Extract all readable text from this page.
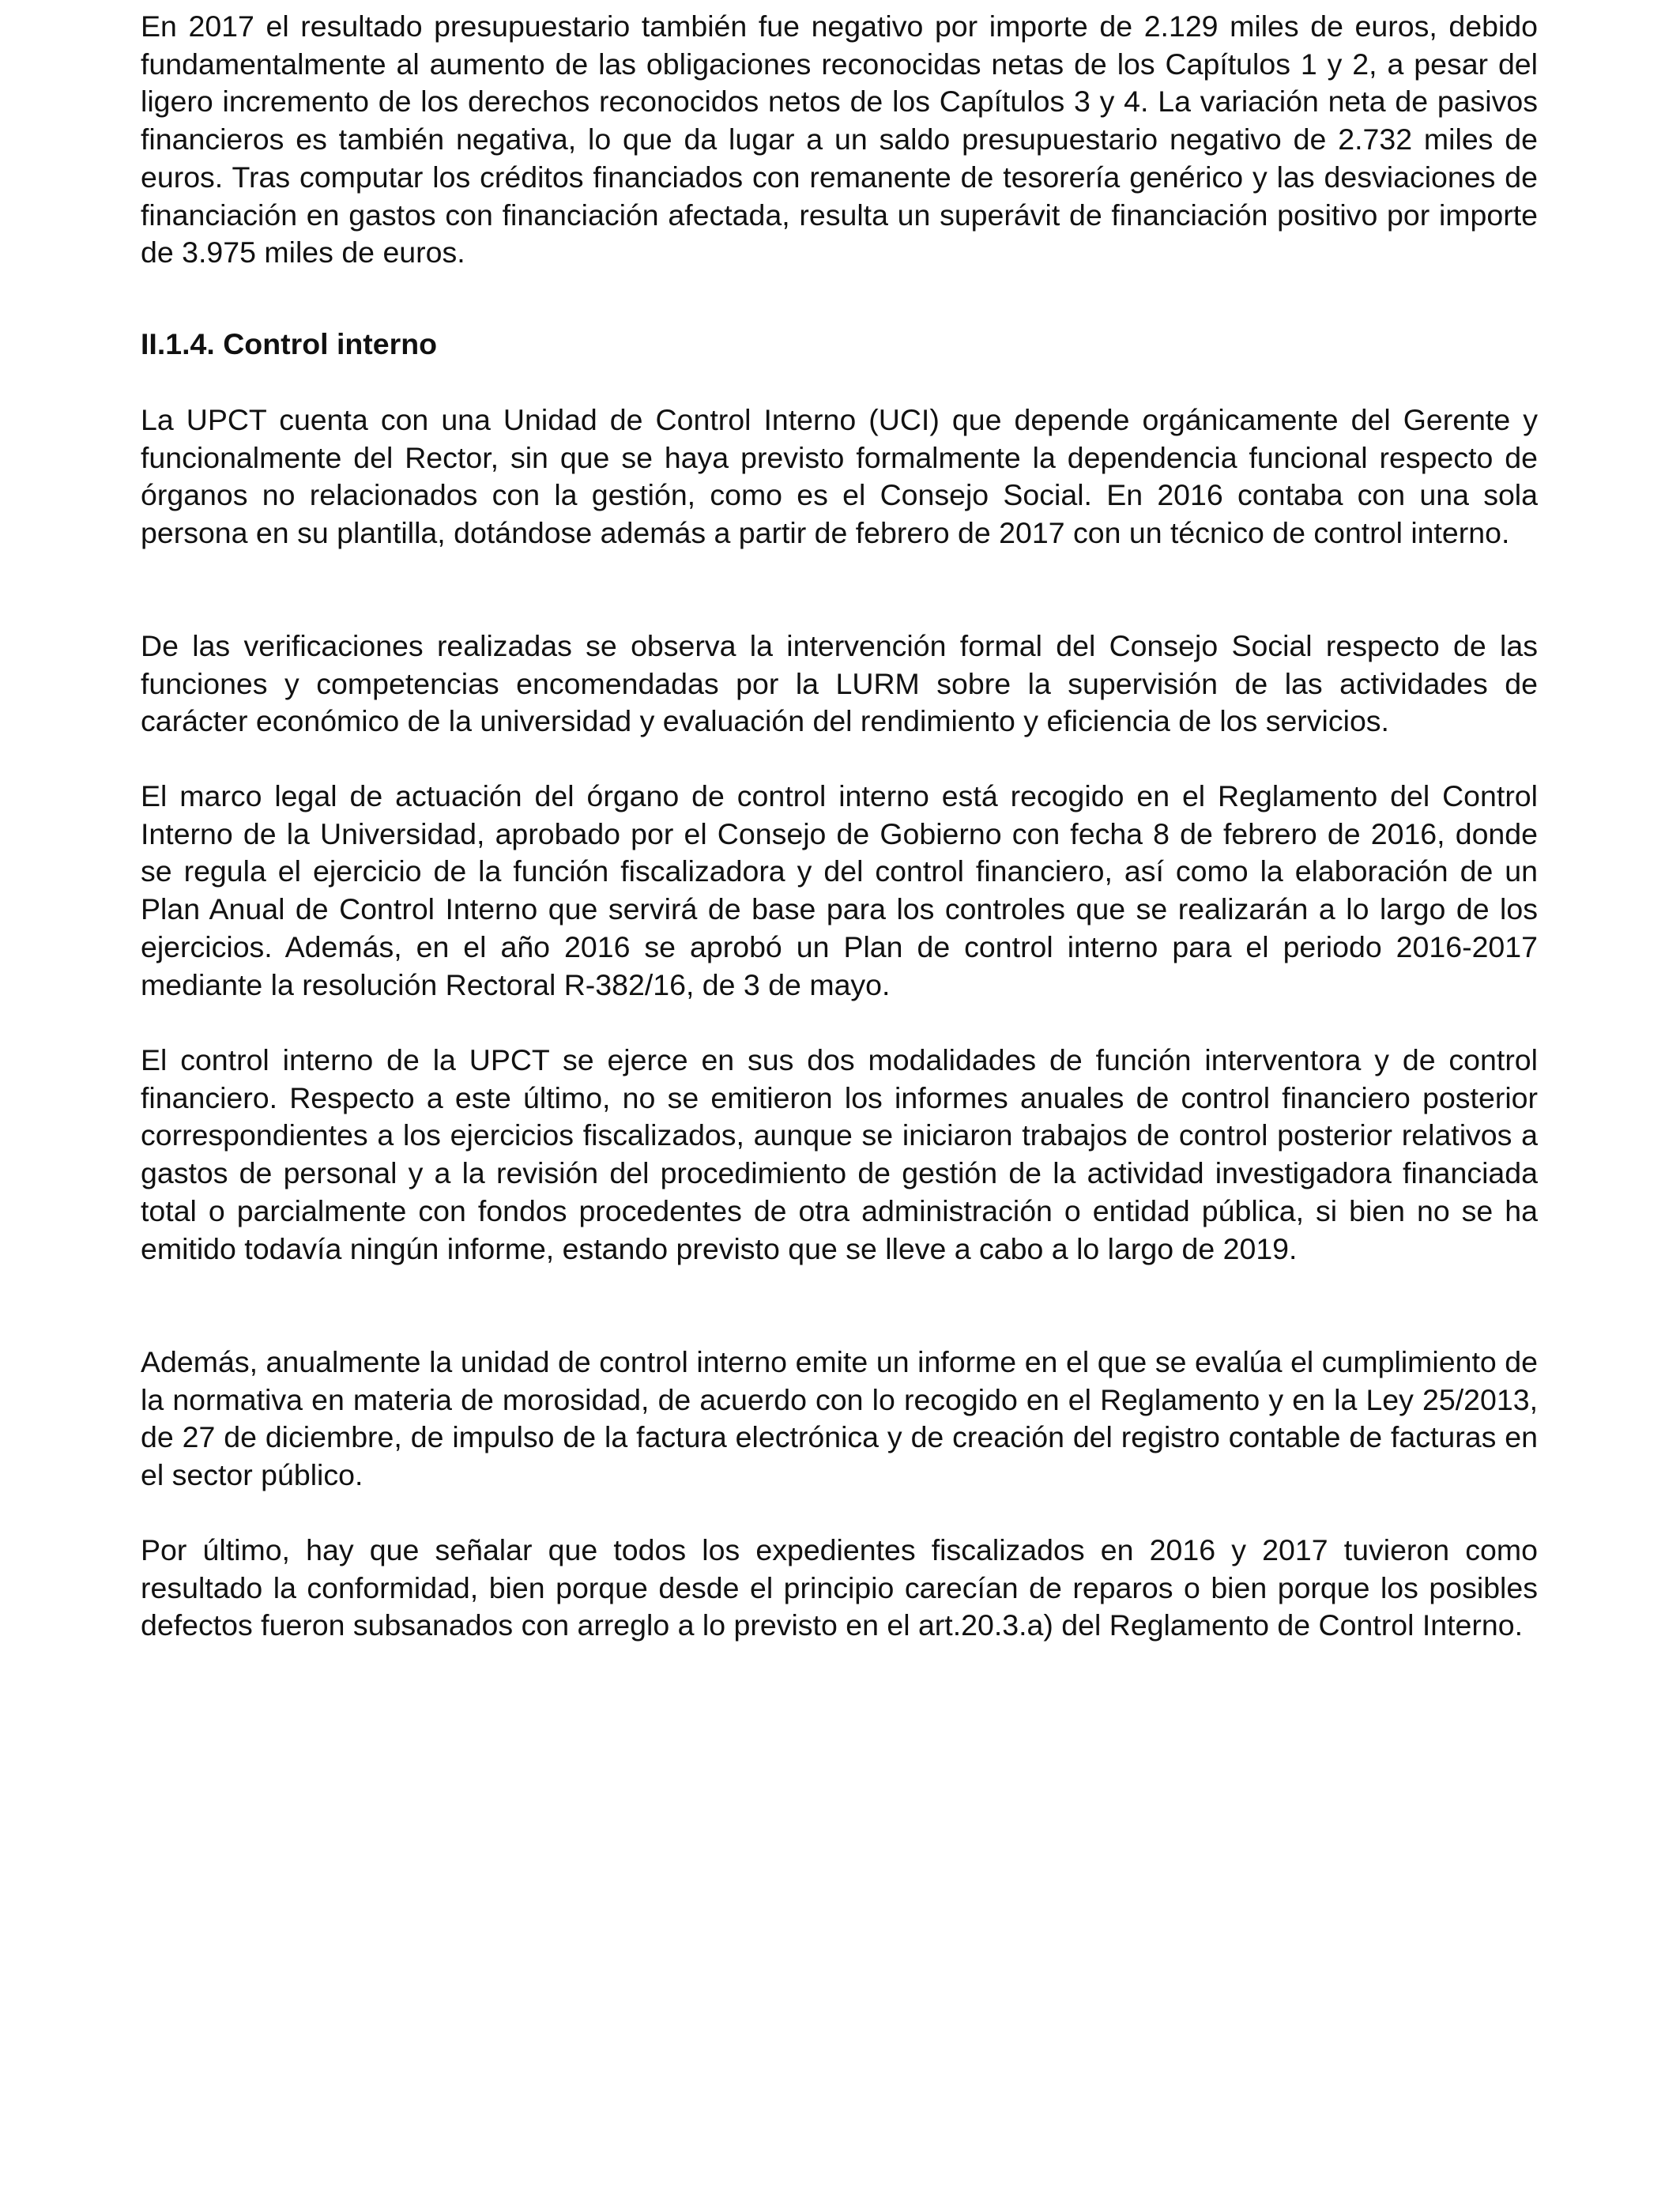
En 2017 el resultado presupuestario también fue negativo por importe de 2.129 miles de euros, debido fundamentalmente al aumento de las obligaciones reconocidas netas de los Capítulos 1 y 2, a pesar del ligero incremento de los derechos reconocidos netos de los Capítulos 3 y 4. La variación neta de pasivos financieros es también negativa, lo que da lugar a un saldo presupuestario negativo de 2.732 miles de euros. Tras computar los créditos financiados con remanente de tesorería genérico y las desviaciones de financiación en gastos con financiación afectada, resulta un superávit de financiación positivo por importe de 3.975 miles de euros.

II.1.4. Control interno

La UPCT cuenta con una Unidad de Control Interno (UCI) que depende orgánicamente del Gerente y funcionalmente del Rector, sin que se haya previsto formalmente la dependencia funcional respecto de órganos no relacionados con la gestión, como es el Consejo Social. En 2016 contaba con una sola persona en su plantilla, dotándose además a partir de febrero de 2017 con un técnico de control interno.

De las verificaciones realizadas se observa la intervención formal del Consejo Social respecto de las funciones y competencias encomendadas por la LURM sobre la supervisión de las actividades de carácter económico de la universidad y evaluación del rendimiento y eficiencia de los servicios.

El marco legal de actuación del órgano de control interno está recogido en el Reglamento del Control Interno de la Universidad, aprobado por el Consejo de Gobierno con fecha 8 de febrero de 2016, donde se regula el ejercicio de la función fiscalizadora y del control financiero, así como la elaboración de un Plan Anual de Control Interno que servirá de base para los controles que se realizarán a lo largo de los ejercicios. Además, en el año 2016 se aprobó un Plan de control interno para el periodo 2016-2017 mediante la resolución Rectoral R-382/16, de 3 de mayo.

El control interno de la UPCT se ejerce en sus dos modalidades de función interventora y de control financiero. Respecto a este último, no se emitieron los informes anuales de control financiero posterior correspondientes a los ejercicios fiscalizados, aunque se iniciaron trabajos de control posterior relativos a gastos de personal y a la revisión del procedimiento de gestión de la actividad investigadora financiada total o parcialmente con fondos procedentes de otra administración o entidad pública, si bien no se ha emitido todavía ningún informe, estando previsto que se lleve a cabo a lo largo de 2019.

Además, anualmente la unidad de control interno emite un informe en el que se evalúa el cumplimiento de la normativa en materia de morosidad, de acuerdo con lo recogido en el Reglamento y en la Ley 25/2013, de 27 de diciembre, de impulso de la factura electrónica y de creación del registro contable de facturas en el sector público.

Por último, hay que señalar que todos los expedientes fiscalizados en 2016 y 2017 tuvieron como resultado la conformidad, bien porque desde el principio carecían de reparos o bien porque los posibles defectos fueron subsanados con arreglo a lo previsto en el art.20.3.a) del Reglamento de Control Interno.
